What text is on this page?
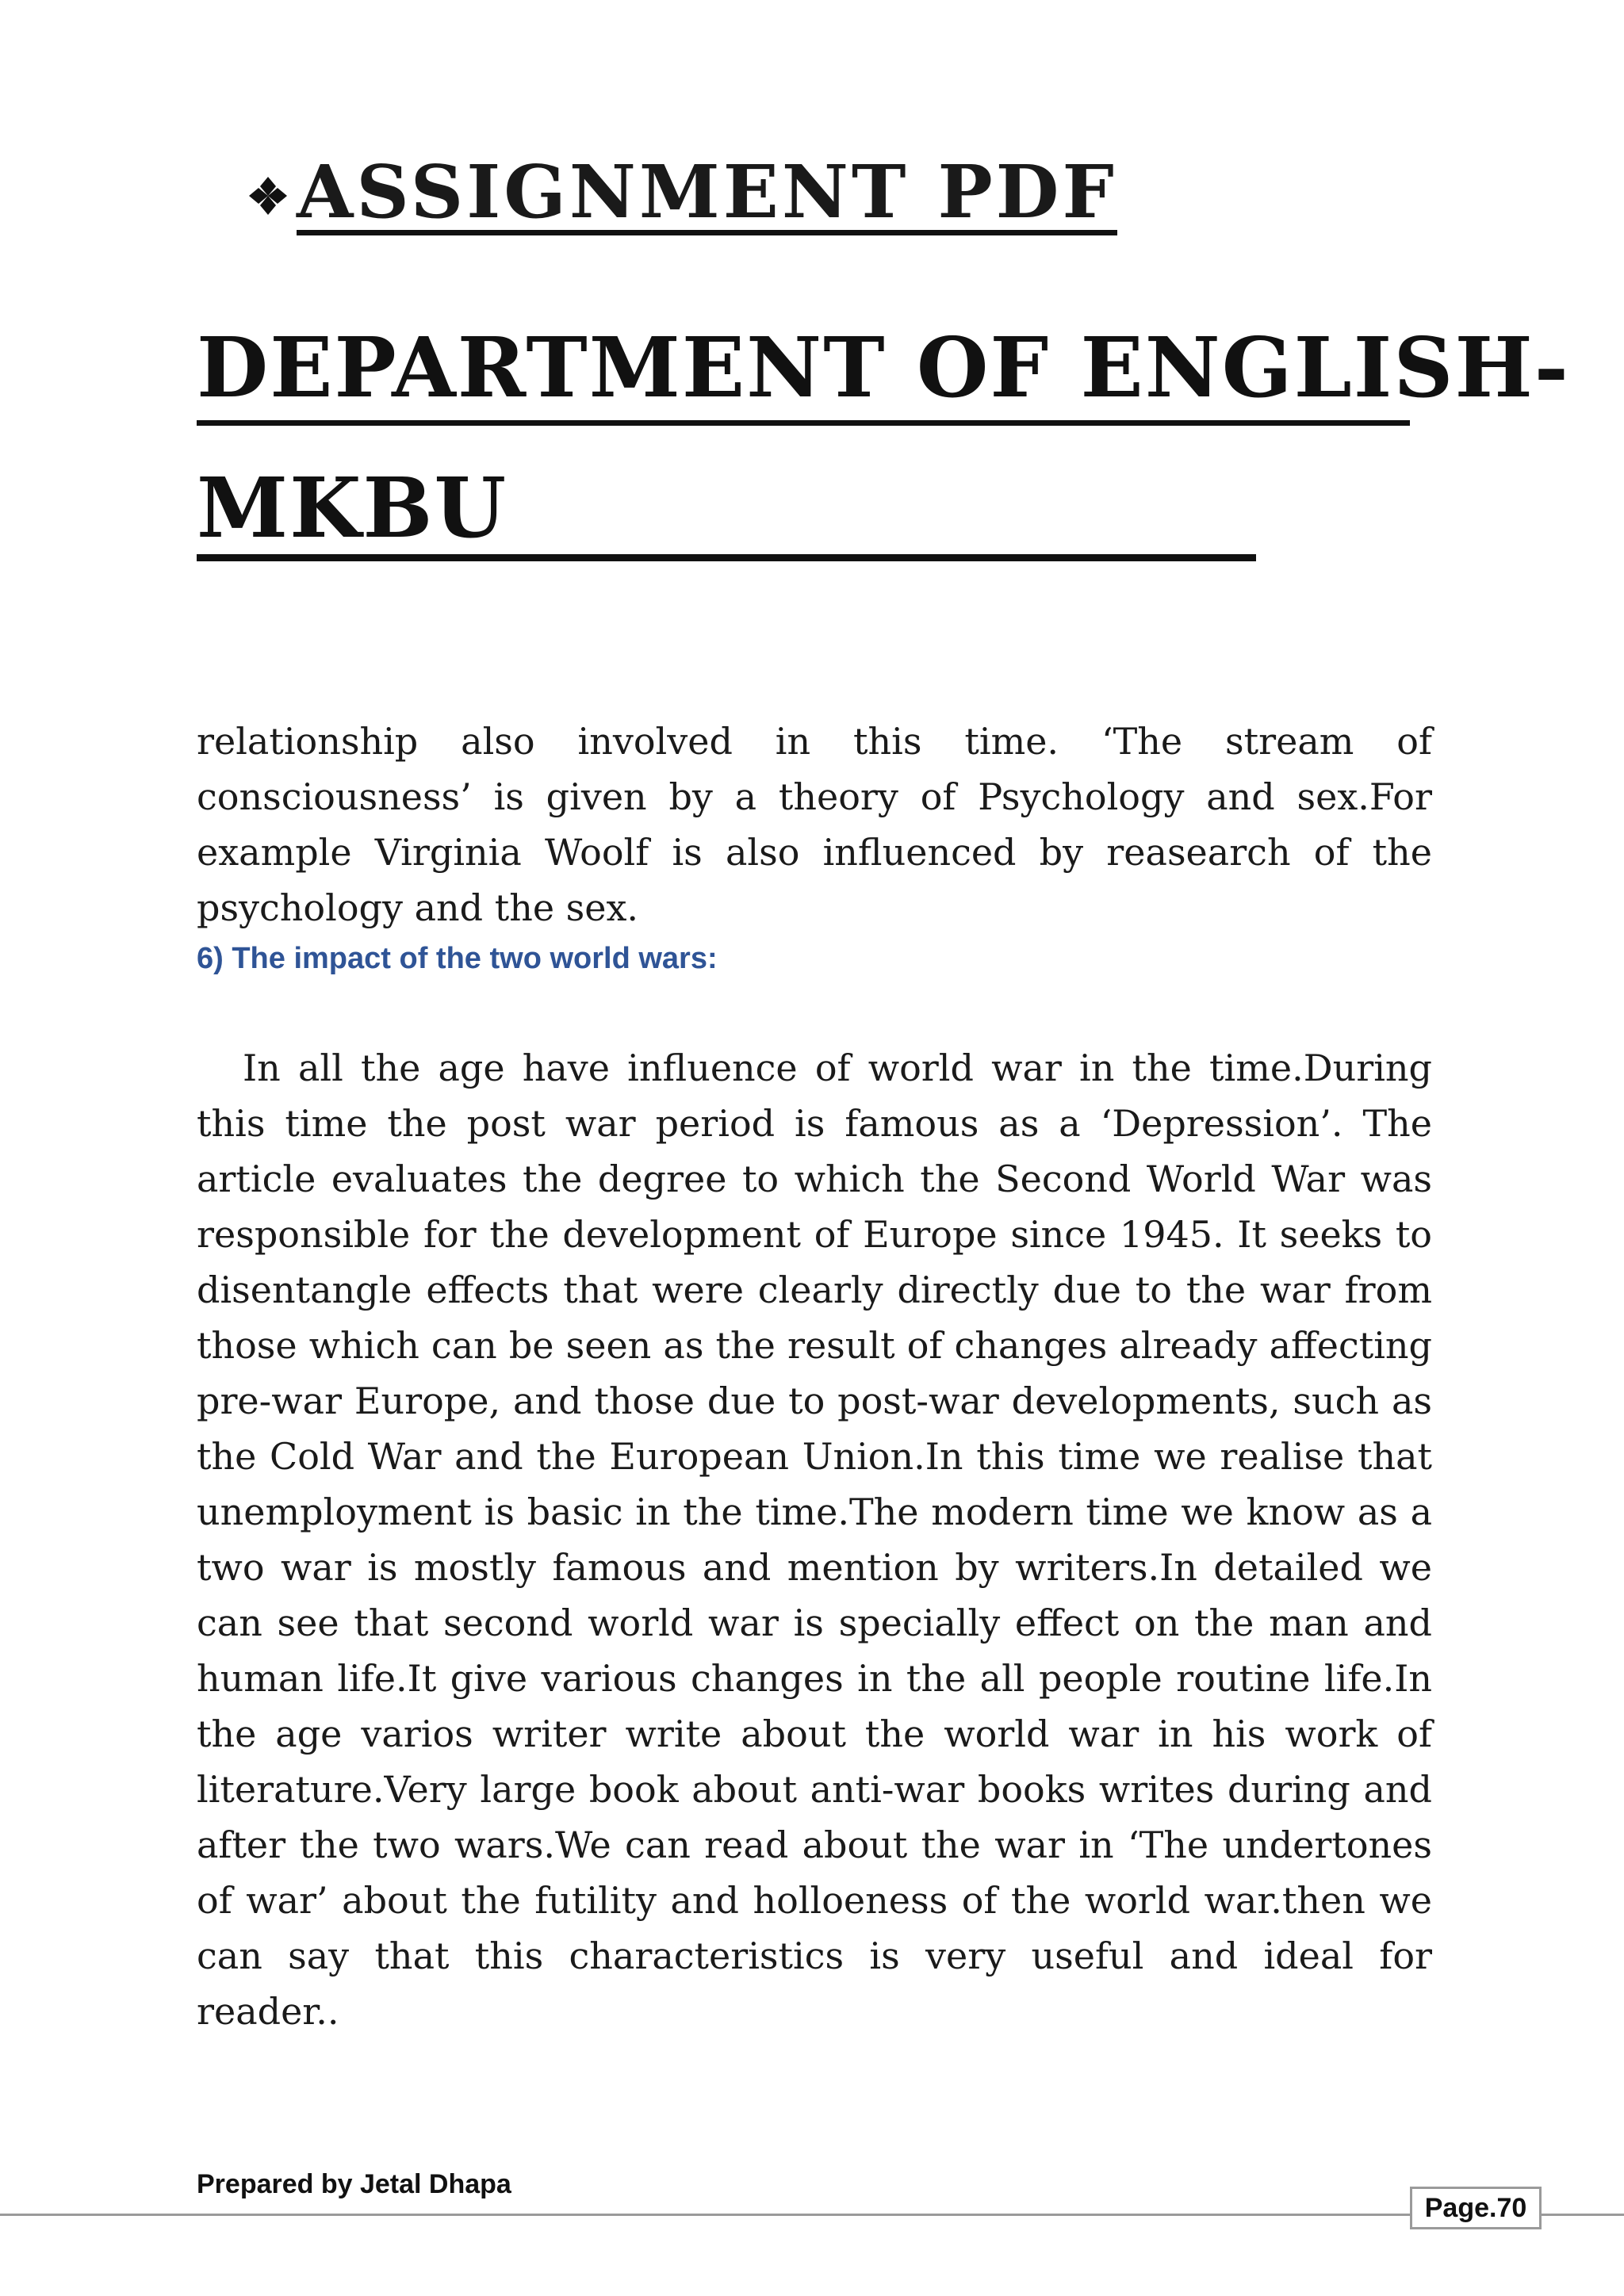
ASSIGNMENT PDF
DEPARTMENT OF ENGLISH-
MKBU

relationship also involved in this time. ‘The stream of consciousness’ is given by a theory of Psychology and sex.For example Virginia Woolf is also influenced by reasearch of the psychology and the sex.

6) The impact of the two world wars:

In all the age have influence of world war in the time.During this time the post war period is famous as a ‘Depression’. The article evaluates the degree to which the Second World War was responsible for the development of Europe since 1945. It seeks to disentangle effects that were clearly directly due to the war from those which can be seen as the result of changes already affecting pre-war Europe, and those due to post-war developments, such as the Cold War and the European Union.In this time we realise that unemployment is basic in the time.The modern time we know as a two war is mostly famous and mention by writers.In detailed we can see that second world war is specially effect on the man and human life.It give various changes in the all people routine life.In the age varios writer write about the world war in his work of literature.Very large book about anti-war books writes during and after the two wars.We can read about the war in ‘The undertones of war’ about the futility and holloeness of the world war.then we can say that this characteristics is very useful and ideal for reader..

Prepared by Jetal Dhapa
Page.70
